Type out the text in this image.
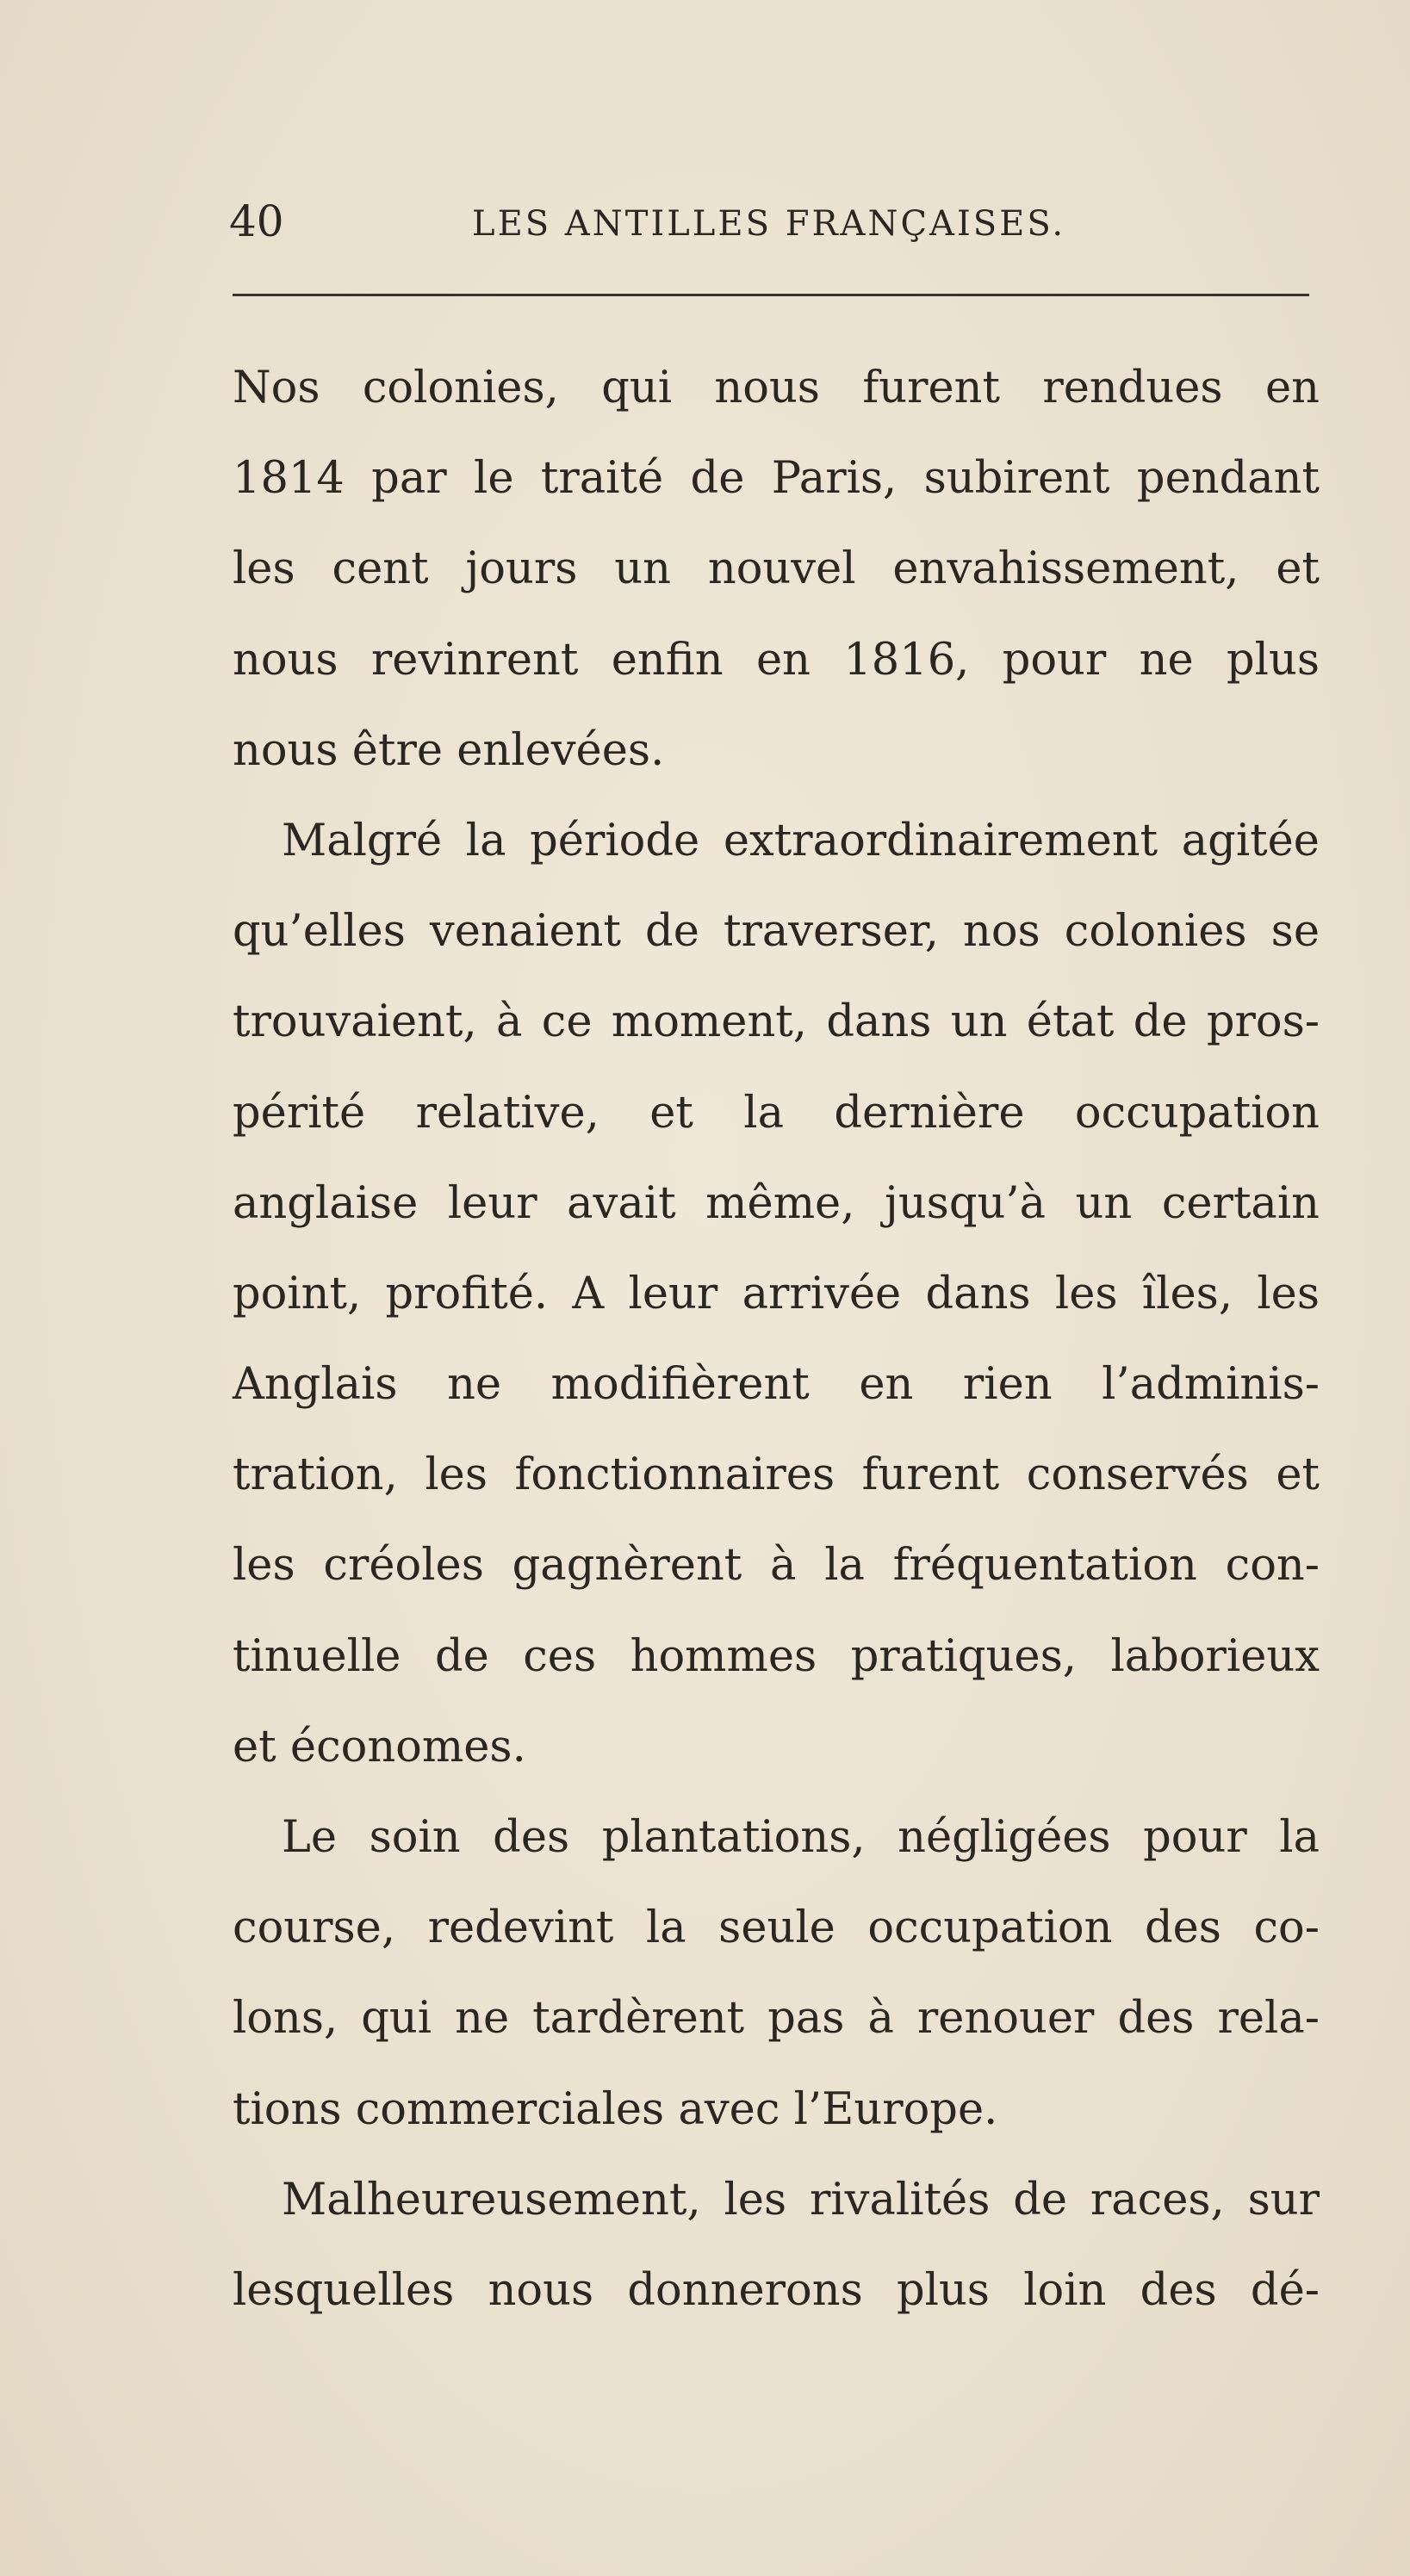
40	LES ANTILLES FRANÇAISES.
Nos colonies, qui nous furent rendues en
1814 par le traité de Paris, subirent pendant
les cent jours un nouvel envahissement, et
nous revinrent enfin en 1816, pour ne plus
nous être enlevées.
Malgré la période extraordinairement agitée
qu’elles venaient de traverser, nos colonies se
trouvaient, à ce moment, dans un état de pros-
périté relative, et la dernière occupation
anglaise leur avait même, jusqu’à un certain
point, profité. A leur arrivée dans les îles, les
Anglais ne modifièrent en rien l’adminis-
tration, les fonctionnaires furent conservés et
les créoles gagnèrent à la fréquentation con-
tinuelle de ces hommes pratiques, laborieux
et économes.
Le soin des plantations, négligées pour la
course, redevint la seule occupation des co-
lons, qui ne tardèrent pas à renouer des rela-
tions commerciales avec l’Europe.
Malheureusement, les rivalités de races, sur
lesquelles nous donnerons plus loin des dé-
